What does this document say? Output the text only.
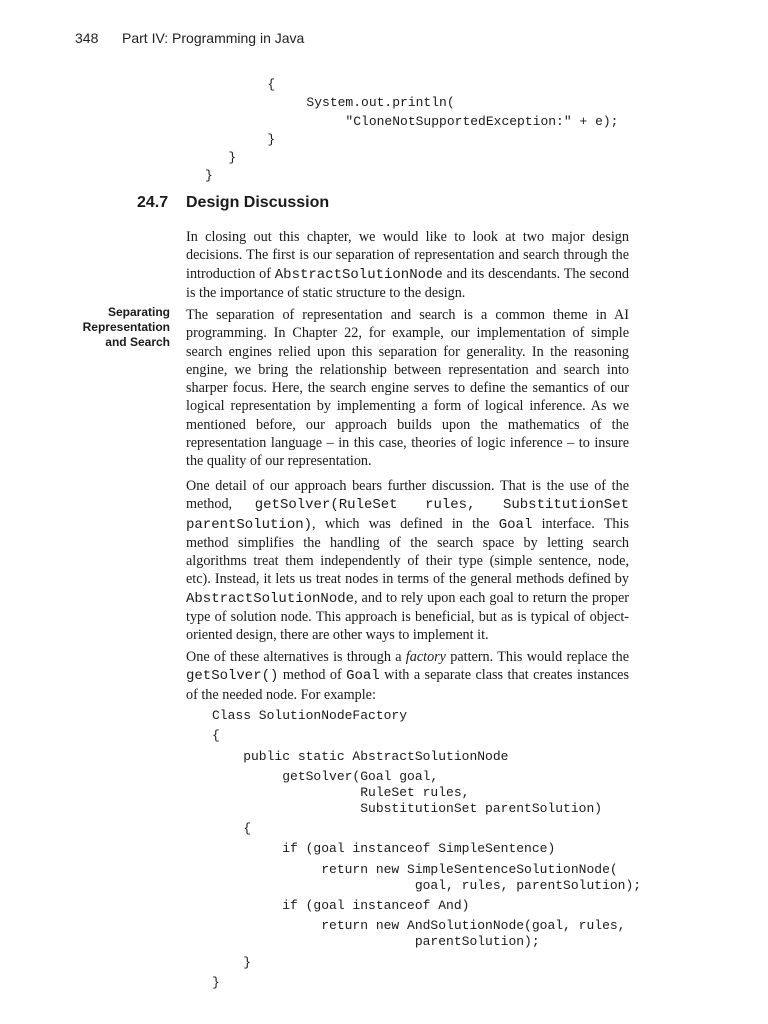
348 Part IV: Programming in Java
{
System.out.println(
"CloneNotSupportedException:" + e);
}
}
}
24.7 Design Discussion
Separating
Representation
and Search

In closing out this chapter, we would like to look at two major design decisions. The first is our separation of representation and search through the introduction of AbstractSolutionNode and its descendants. The second is the importance of static structure to the design.

The separation of representation and search is a common theme in AI programming. In Chapter 22, for example, our implementation of simple search engines relied upon this separation for generality. In the reasoning engine, we bring the relationship between representation and search into sharper focus. Here, the search engine serves to define the semantics of our logical representation by implementing a form of logical inference. As we mentioned before, our approach builds upon the mathematics of the representation language – in this case, theories of logic inference – to insure the quality of our representation.

One detail of our approach bears further discussion. That is the use of the method, getSolver(RuleSet rules, SubstitutionSet parentSolution), which was defined in the Goal interface. This method simplifies the handling of the search space by letting search algorithms treat them independently of their type (simple sentence, node, etc). Instead, it lets us treat nodes in terms of the general methods defined by AbstractSolutionNode, and to rely upon each goal to return the proper type of solution node. This approach is beneficial, but as is typical of object-oriented design, there are other ways to implement it.

One of these alternatives is through a factory pattern. This would replace the getSolver() method of Goal with a separate class that creates instances of the needed node. For example:

Class SolutionNodeFactory
{
public static AbstractSolutionNode
getSolver(Goal goal,
RuleSet rules,
SubstitutionSet parentSolution)
{
if (goal instanceof SimpleSentence)
return new SimpleSentenceSolutionNode(
goal, rules, parentSolution);
if (goal instanceof And)
return new AndSolutionNode(goal, rules,
parentSolution);
}
}
